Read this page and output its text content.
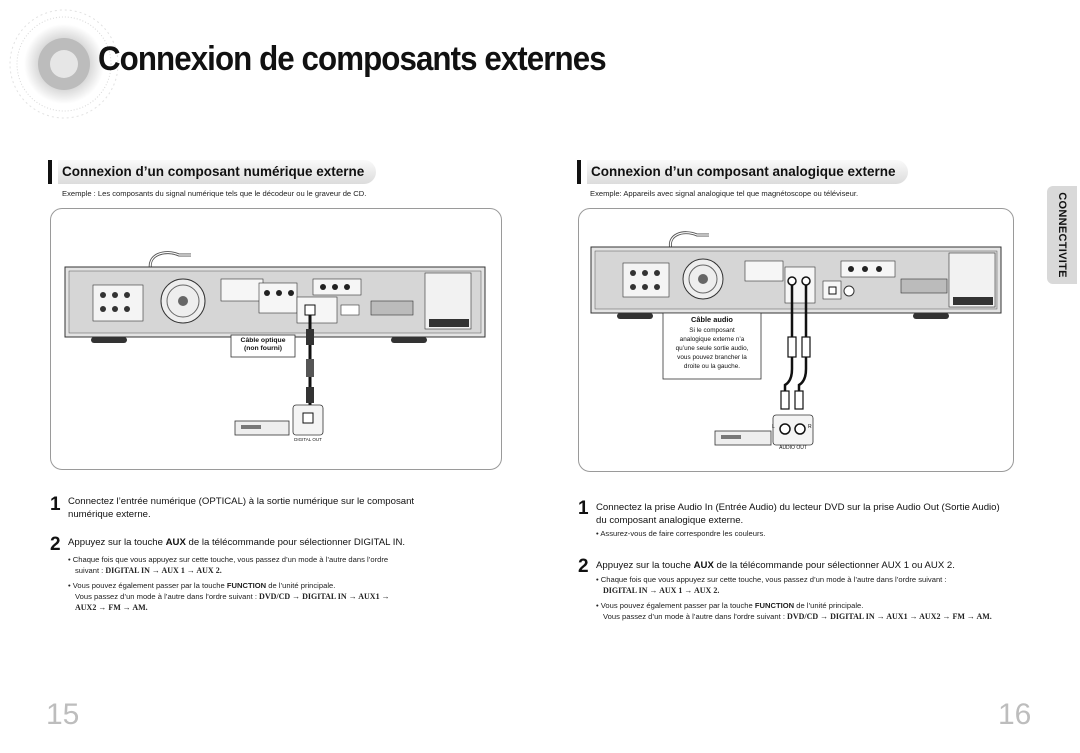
Connexion de composants externes
Connexion d’un composant numérique externe
Exemple : Les composants du signal numérique tels que le décodeur ou le graveur de CD.
Connexion d’un composant analogique externe
Exemple: Appareils avec signal analogique tel que magnétoscope ou téléviseur.	CONNECTIVITE
Câble optique
(non fourni)
DIGITAL OUT
Câble audio
Si le composant
analogique externe n’a
qu’une seule sortie audio,
vous pouvez brancher la
droite ou la gauche.
L	R
AUDIO OUT
1 Connectez l’entrée numérique (OPTICAL) à la sortie numérique sur le composant
numérique externe.
2 Appuyez sur la touche AUX de la télécommande pour sélectionner DIGITAL IN.
• Chaque fois que vous appuyez sur cette touche, vous passez d’un mode à l’autre dans l’ordre
suivant : DIGITAL IN → AUX 1 → AUX 2.
• Vous pouvez également passer par la touche FUNCTION de l’unité principale.
Vous passez d’un mode à l’autre dans l’ordre suivant : DVD/CD → DIGITAL IN → AUX1 →
AUX2 → FM → AM.
1 Connectez la prise Audio In (Entrée Audio) du lecteur DVD sur la prise Audio Out (Sortie Audio)
du composant analogique externe.
• Assurez-vous de faire correspondre les couleurs.
2 Appuyez sur la touche AUX de la télécommande pour sélectionner AUX 1 ou AUX 2.
• Chaque fois que vous appuyez sur cette touche, vous passez d’un mode à l’autre dans l’ordre suivant :
DIGITAL IN → AUX 1 → AUX 2.
• Vous pouvez également passer par la touche FUNCTION de l’unité principale.
Vous passez d’un mode à l’autre dans l’ordre suivant : DVD/CD → DIGITAL IN → AUX1 → AUX2 → FM → AM.
15	16
